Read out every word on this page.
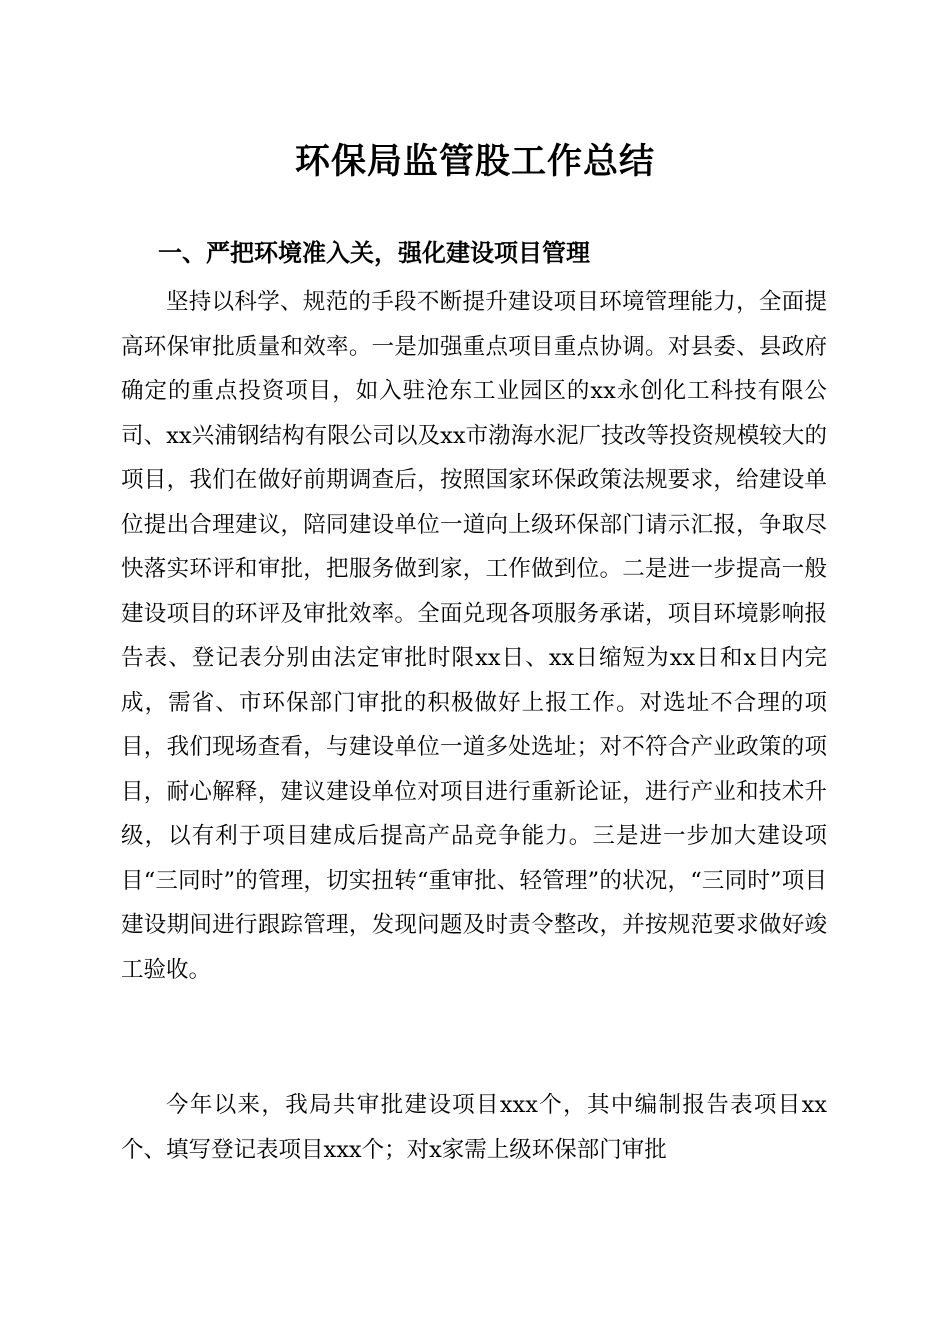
环保局监管股工作总结
一、严把环境准入关，强化建设项目管理

坚持以科学、规范的手段不断提升建设项目环境管理能力，全面提高环保审批质量和效率。一是加强重点项目重点协调。对县委、县政府确定的重点投资项目，如入驻沧东工业园区的xx永创化工科技有限公司、xx兴浦钢结构有限公司以及xx市渤海水泥厂技改等投资规模较大的项目，我们在做好前期调查后，按照国家环保政策法规要求，给建设单位提出合理建议，陪同建设单位一道向上级环保部门请示汇报，争取尽快落实环评和审批，把服务做到家，工作做到位。二是进一步提高一般建设项目的环评及审批效率。全面兑现各项服务承诺，项目环境影响报告表、登记表分别由法定审批时限xx日、xx日缩短为xx日和x日内完成，需省、市环保部门审批的积极做好上报工作。对选址不合理的项目，我们现场查看，与建设单位一道多处选址；对不符合产业政策的项目，耐心解释，建议建设单位对项目进行重新论证，进行产业和技术升级，以有利于项目建成后提高产品竞争能力。三是进一步加大建设项目“三同时”的管理，切实扭转“重审批、轻管理”的状况，“三同时”项目建设期间进行跟踪管理，发现问题及时责令整改，并按规范要求做好竣工验收。

今年以来，我局共审批建设项目xxx个，其中编制报告表项目xx个、填写登记表项目xxx个；对x家需上级环保部门审批
